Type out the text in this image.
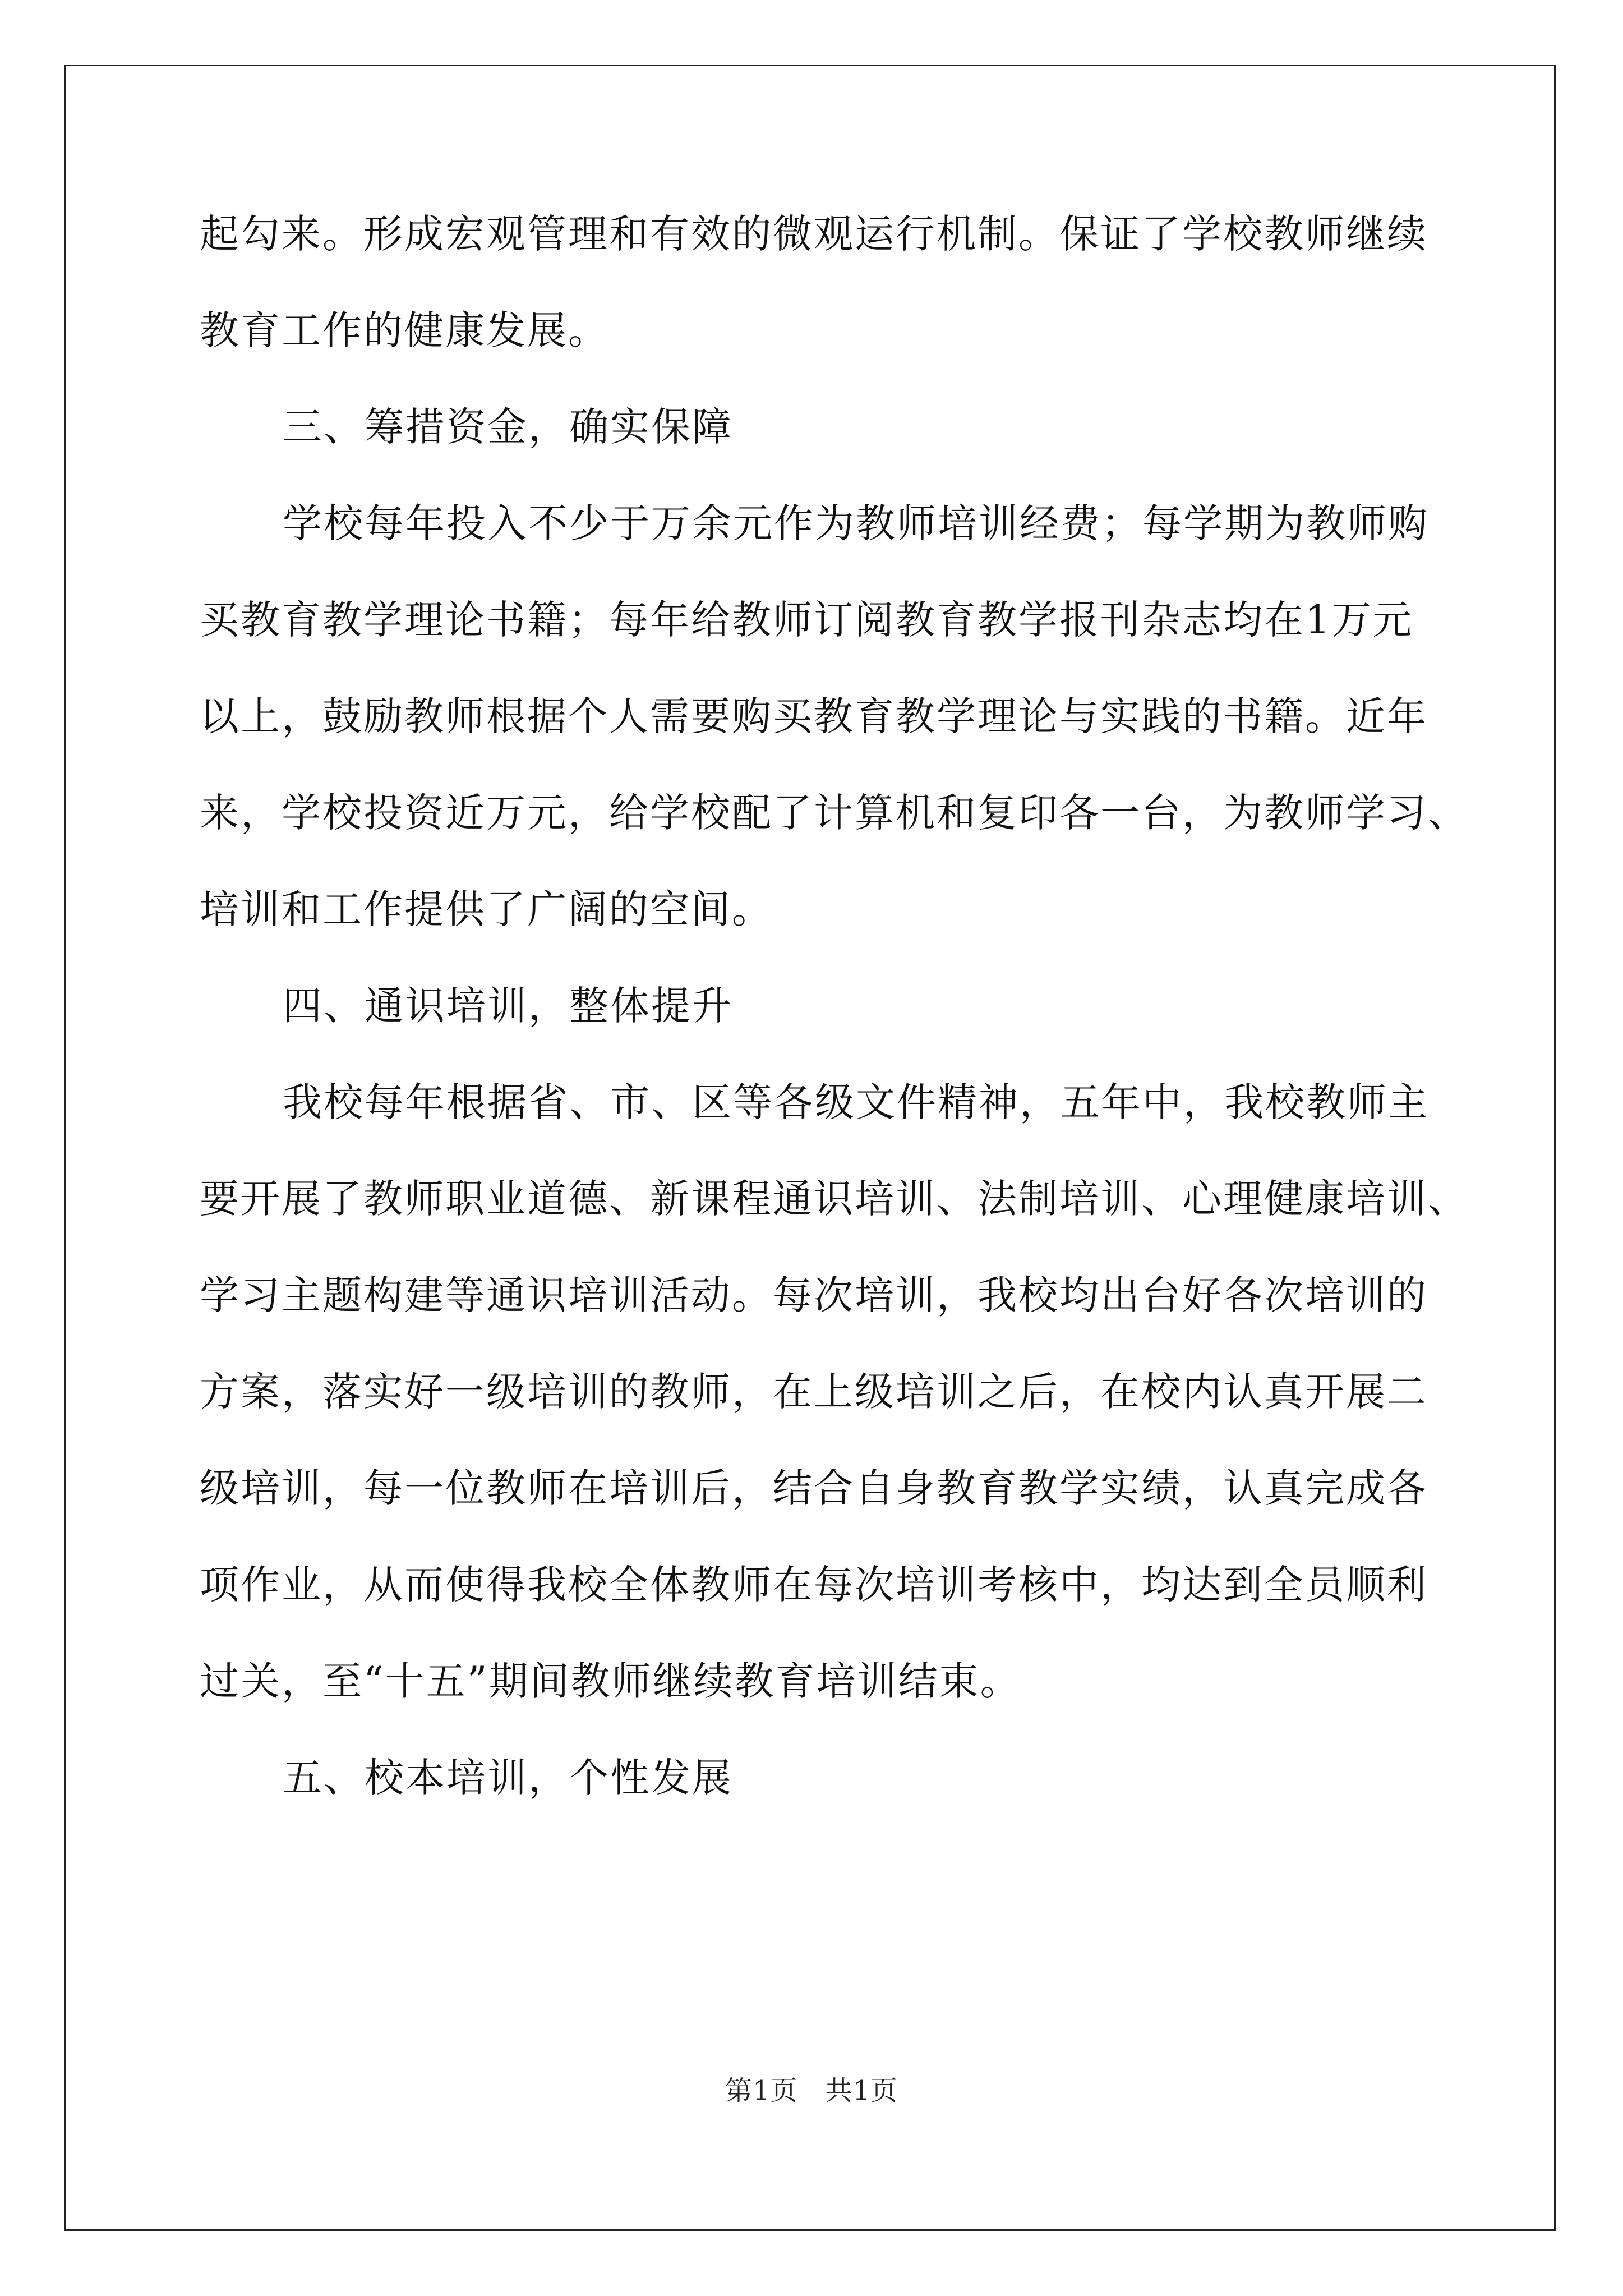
起勾来。形成宏观管理和有效的微观运行机制。保证了学校教师继续
教育工作的健康发展。
三、筹措资金，确实保障
学校每年投入不少于万余元作为教师培训经费；每学期为教师购
买教育教学理论书籍；每年给教师订阅教育教学报刊杂志均在1万元
以上，鼓励教师根据个人需要购买教育教学理论与实践的书籍。近年
来，学校投资近万元，给学校配了计算机和复印各一台，为教师学习、
培训和工作提供了广阔的空间。
四、通识培训，整体提升
我校每年根据省、市、区等各级文件精神，五年中，我校教师主
要开展了教师职业道德、新课程通识培训、法制培训、心理健康培训、
学习主题构建等通识培训活动。每次培训，我校均出台好各次培训的
方案，落实好一级培训的教师，在上级培训之后，在校内认真开展二
级培训，每一位教师在培训后，结合自身教育教学实绩，认真完成各
项作业，从而使得我校全体教师在每次培训考核中，均达到全员顺利
过关，至“十五”期间教师继续教育培训结束。
五、校本培训，个性发展
第1页　共1页
